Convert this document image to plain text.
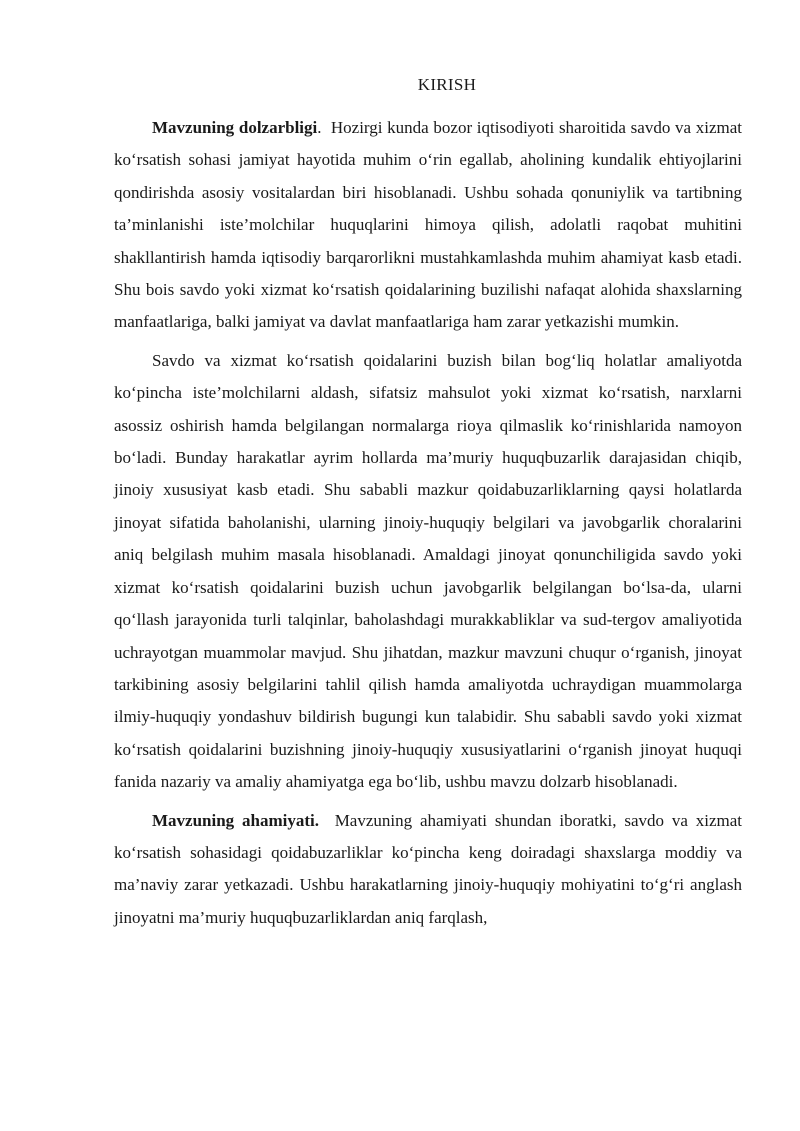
KIRISH

Mavzuning dolzarbligi.  Hozirgi kunda bozor iqtisodiyoti sharoitida savdo va xizmat ko‘rsatish sohasi jamiyat hayotida muhim o‘rin egallab, aholining kundalik ehtiyojlarini qondirishda asosiy vositalardan biri hisoblanadi. Ushbu sohada qonuniylik va tartibning ta’minlanishi iste’molchilar huquqlarini himoya qilish, adolatli raqobat muhitini shakllantirish hamda iqtisodiy barqarorlikni mustahkamlashda muhim ahamiyat kasb etadi. Shu bois savdo yoki xizmat ko‘rsatish qoidalarining buzilishi nafaqat alohida shaxslarning manfaatlariga, balki jamiyat va davlat manfaatlariga ham zarar yetkazishi mumkin.

Savdo va xizmat ko‘rsatish qoidalarini buzish bilan bog‘liq holatlar amaliyotda ko‘pincha iste’molchilarni aldash, sifatsiz mahsulot yoki xizmat ko‘rsatish, narxlarni asossiz oshirish hamda belgilangan normalarga rioya qilmaslik ko‘rinishlarida namoyon bo‘ladi. Bunday harakatlar ayrim hollarda ma’muriy huquqbuzarlik darajasidan chiqib, jinoiy xususiyat kasb etadi. Shu sababli mazkur qoidabuzarliklarning qaysi holatlarda jinoyat sifatida baholanishi, ularning jinoiy-huquqiy belgilari va javobgarlik choralarini aniq belgilash muhim masala hisoblanadi. Amaldagi jinoyat qonunchiligida savdo yoki xizmat ko‘rsatish qoidalarini buzish uchun javobgarlik belgilangan bo‘lsa-da, ularni qo‘llash jarayonida turli talqinlar, baholashdagi murakkabliklar va sud-tergov amaliyotida uchrayotgan muammolar mavjud. Shu jihatdan, mazkur mavzuni chuqur o‘rganish, jinoyat tarkibining asosiy belgilarini tahlil qilish hamda amaliyotda uchraydigan muammolarga ilmiy-huquqiy yondashuv bildirish bugungi kun talabidir. Shu sababli savdo yoki xizmat ko‘rsatish qoidalarini buzishning jinoiy-huquqiy xususiyatlarini o‘rganish jinoyat huquqi fanida nazariy va amaliy ahamiyatga ega bo‘lib, ushbu mavzu dolzarb hisoblanadi.

Mavzuning ahamiyati.  Mavzuning ahamiyati shundan iboratki, savdo va xizmat ko‘rsatish sohasidagi qoidabuzarliklar ko‘pincha keng doiradagi shaxslarga moddiy va ma’naviy zarar yetkazadi. Ushbu harakatlarning jinoiy-huquqiy mohiyatini to‘g‘ri anglash jinoyatni ma’muriy huquqbuzarliklardan aniq farqlash,
